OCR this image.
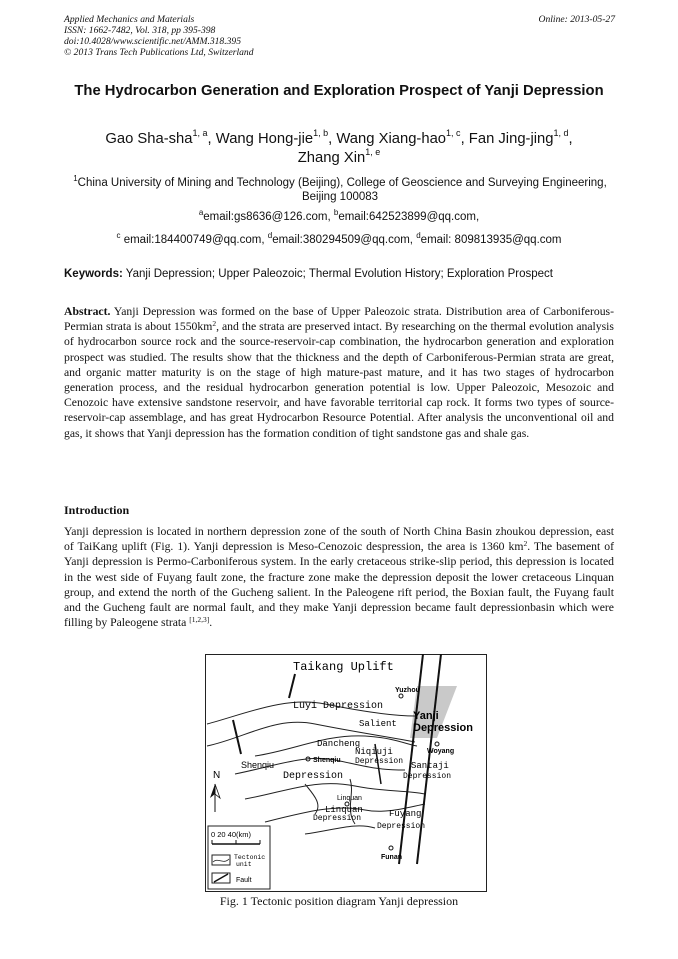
Applied Mechanics and Materials
ISSN: 1662-7482, Vol. 318, pp 395-398
doi:10.4028/www.scientific.net/AMM.318.395
© 2013 Trans Tech Publications Ltd, Switzerland
Online: 2013-05-27
The Hydrocarbon Generation and Exploration Prospect of Yanji Depression
Gao Sha-sha$^{1, a}$, Wang Hong-jie$^{1, b}$, Wang Xiang-hao$^{1, c}$, Fan Jing-jing$^{1, d}$,
Zhang Xin$^{1, e}$
$^1$China University of Mining and Technology (Beijing), College of Geoscience and Surveying Engineering, Beijing 100083
$^a$email:gs8636@126.com, $^b$email:642523899@qq.com,
$^c$ email:184400749@qq.com, $^d$email:380294509@qq.com, $^d$email: 809813935@qq.com
Keywords: Yanji Depression; Upper Paleozoic; Thermal Evolution History; Exploration Prospect
Abstract. Yanji Depression was formed on the base of Upper Paleozoic strata. Distribution area of Carboniferous-Permian strata is about $1550km^2$, and the strata are preserved intact. By researching on the thermal evolution analysis of hydrocarbon source rock and the source-reservoir-cap combination, the hydrocarbon generation and exploration prospect was studied. The results show that the thickness and the depth of Carboniferous-Permian strata are great, and organic matter maturity is on the stage of high mature-past mature, and it has two stages of hydrocarbon generation process, and the residual hydrocarbon generation potential is low. Upper Paleozoic, Mesozoic and Cenozoic have extensive sandstone reservoir, and have favorable territorial cap rock. It forms two types of source- reservoir-cap assemblage, and has great Hydrocarbon Resource Potential. After analysis the unconventional oil and gas, it shows that Yanji depression has the formation condition of tight sandstone gas and shale gas.
Introduction
Yanji depression is located in northern depression zone of the south of North China Basin zhoukou depression, east of TaiKang uplift (Fig. 1). Yanji depression is Meso-Cenozoic despression, the area is 1360 $km^2$. The basement of Yanji depression is Permo-Carboniferous system. In the early cretaceous strike-slip period, this depression is located in the west side of Fuyang fault zone, the fracture zone make the depression deposit the lower cretaceous Linquan group, and extend the north of the Gucheng salient. In the Paleogene rift period, the Boxian fault, the Fuyang fault and the Gucheng fault are normal fault, and they make Yanji depression became fault depressionbasin which were filling by Paleogene strata [1,2,3].
Taikang Uplift
Luyi Depression
Yuzhou
Salient
Yanji
Depression
Dancheng
Niqiuji
Depression
Woyang
Shenqiu	Shenqiu
Depression
Santaji
Depression
Linquan
Linquan
Depression	Fuyang
Depression
Funan
N
0 20 40(km)
Tectonic
unit
Fault
Fig. 1 Tectonic position diagram Yanji depression
